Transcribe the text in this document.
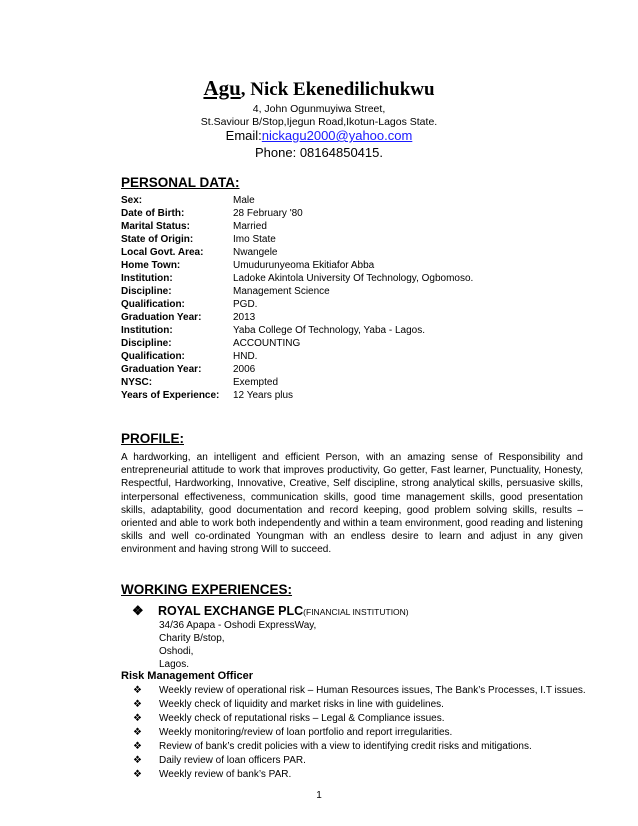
Agu, Nick Ekenedilichukwu
4, John Ogunmuyiwa Street,
St.Saviour B/Stop,Ijegun Road,Ikotun-Lagos State.
Email:nickagu2000@yahoo.com
Phone: 08164850415.
PERSONAL DATA:
Sex:	Male
Date of Birth:	28 February '80
Marital Status:	Married
State of Origin:	Imo State
Local Govt. Area:	Nwangele
Home Town:	Umudurunyeoma Ekitiafor Abba
Institution:	Ladoke Akintola University Of Technology, Ogbomoso.
Discipline:	Management Science
Qualification:	PGD.
Graduation Year:	2013
Institution:	Yaba College Of Technology, Yaba - Lagos.
Discipline:	ACCOUNTING
Qualification:	HND.
Graduation Year:	2006
NYSC:	Exempted
Years of Experience: 12 Years plus
PROFILE:
A hardworking, an intelligent and efficient Person, with an amazing sense of Responsibility and entrepreneurial attitude to work that improves productivity, Go getter, Fast learner, Punctuality, Honesty, Respectful, Hardworking, Innovative, Creative, Self discipline, strong analytical skills, persuasive skills, interpersonal effectiveness, communication skills, good time management skills, good presentation skills, adaptability, good documentation and record keeping, good problem solving skills, results – oriented and able to work both independently and within a team environment, good reading and listening skills and well co-ordinated Youngman with an endless desire to learn and adjust in any given environment and having strong Will to succeed.
WORKING EXPERIENCES:
❖ ROYAL EXCHANGE PLC(FINANCIAL INSTITUTION)
34/36 Apapa - Oshodi ExpressWay,
Charity B/stop,
Oshodi,
Lagos.
Risk Management Officer
❖ Weekly review of operational risk – Human Resources issues, The Bank’s Processes, I.T issues.
❖ Weekly check of liquidity and market risks in line with guidelines.
❖ Weekly check of reputational risks – Legal & Compliance issues.
❖ Weekly monitoring/review of loan portfolio and report irregularities.
❖ Review of bank’s credit policies with a view to identifying credit risks and mitigations.
❖ Daily review of loan officers PAR.
❖ Weekly review of bank’s PAR.
1
